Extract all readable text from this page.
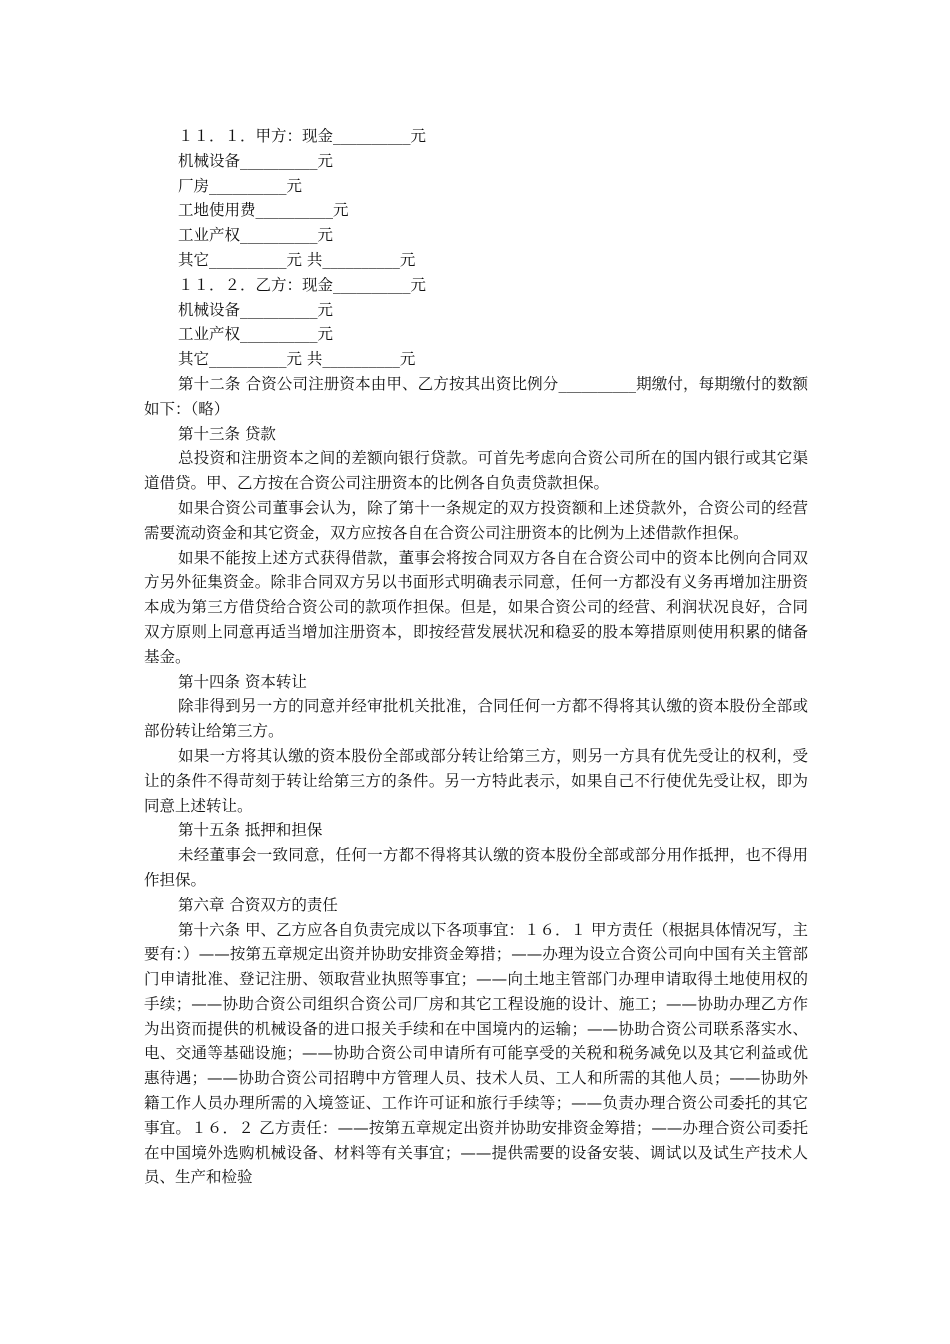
１１．１．甲方：现金__________元

机械设备__________元

厂房__________元

工地使用费__________元

工业产权__________元

其它__________元 共__________元

１１．２．乙方：现金__________元

机械设备__________元

工业产权__________元

其它__________元 共__________元

第十二条 合资公司注册资本由甲、乙方按其出资比例分__________期缴付，每期缴付的数额如下：（略）

第十三条 贷款

总投资和注册资本之间的差额向银行贷款。可首先考虑向合资公司所在的国内银行或其它渠道借贷。甲、乙方按在合资公司注册资本的比例各自负责贷款担保。

如果合资公司董事会认为，除了第十一条规定的双方投资额和上述贷款外，合资公司的经营需要流动资金和其它资金，双方应按各自在合资公司注册资本的比例为上述借款作担保。

如果不能按上述方式获得借款，董事会将按合同双方各自在合资公司中的资本比例向合同双方另外征集资金。除非合同双方另以书面形式明确表示同意，任何一方都没有义务再增加注册资本成为第三方借贷给合资公司的款项作担保。但是，如果合资公司的经营、利润状况良好，合同双方原则上同意再适当增加注册资本，即按经营发展状况和稳妥的股本筹措原则使用积累的储备基金。

第十四条 资本转让

除非得到另一方的同意并经审批机关批准，合同任何一方都不得将其认缴的资本股份全部或部份转让给第三方。

如果一方将其认缴的资本股份全部或部分转让给第三方，则另一方具有优先受让的权利，受让的条件不得苛刻于转让给第三方的条件。另一方特此表示，如果自己不行使优先受让权，即为同意上述转让。

第十五条 抵押和担保

未经董事会一致同意，任何一方都不得将其认缴的资本股份全部或部分用作抵押，也不得用作担保。

第六章 合资双方的责任

第十六条 甲、乙方应各自负责完成以下各项事宜：１６．１ 甲方责任（根据具体情况写，主要有：）——按第五章规定出资并协助安排资金筹措；——办理为设立合资公司向中国有关主管部门申请批准、登记注册、领取营业执照等事宜；——向土地主管部门办理申请取得土地使用权的手续；——协助合资公司组织合资公司厂房和其它工程设施的设计、施工；——协助办理乙方作为出资而提供的机械设备的进口报关手续和在中国境内的运输；——协助合资公司联系落实水、电、交通等基础设施；——协助合资公司申请所有可能享受的关税和税务减免以及其它利益或优惠待遇；——协助合资公司招聘中方管理人员、技术人员、工人和所需的其他人员；——协助外籍工作人员办理所需的入境签证、工作许可证和旅行手续等；——负责办理合资公司委托的其它事宜。１６．２ 乙方责任：——按第五章规定出资并协助安排资金筹措；——办理合资公司委托在中国境外选购机械设备、材料等有关事宜；——提供需要的设备安装、调试以及试生产技术人员、生产和检验
